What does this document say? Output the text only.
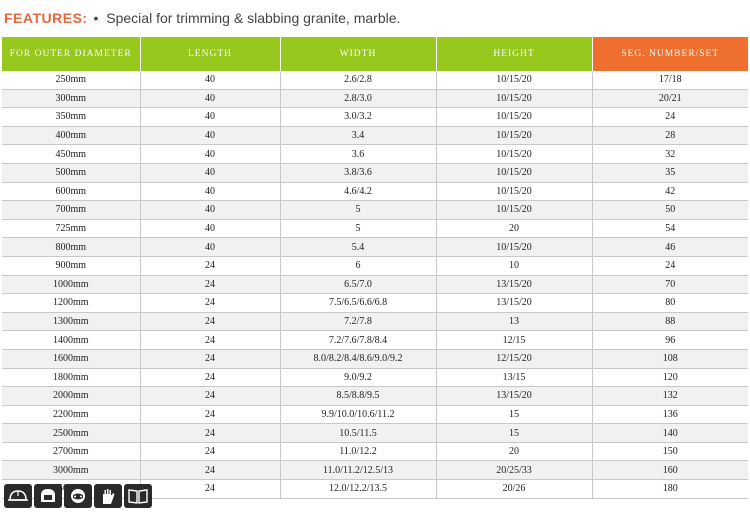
FEATURES: • Special for trimming & slabbing granite, marble.
FOR OUTER DIAMETER	LENGTH	WIDTH	HEIGHT	SEG. NUMBER/SET
250mm	40	2.6/2.8	10/15/20	17/18
300mm	40	2.8/3.0	10/15/20	20/21
350mm	40	3.0/3.2	10/15/20	24
400mm	40	3.4	10/15/20	28
450mm	40	3.6	10/15/20	32
500mm	40	3.8/3.6	10/15/20	35
600mm	40	4.6/4.2	10/15/20	42
700mm	40	5	10/15/20	50
725mm	40	5	20	54
800mm	40	5.4	10/15/20	46
900mm	24	6	10	24
1000mm	24	6.5/7.0	13/15/20	70
1200mm	24	7.5/6.5/6.6/6.8	13/15/20	80
1300mm	24	7.2/7.8	13	88
1400mm	24	7.2/7.6/7.8/8.4	12/15	96
1600mm	24	8.0/8.2/8.4/8.6/9.0/9.2	12/15/20	108
1800mm	24	9.0/9.2	13/15	120
2000mm	24	8.5/8.8/9.5	13/15/20	132
2200mm	24	9.9/10.0/10.6/11.2	15	136
2500mm	24	10.5/11.5	15	140
2700mm	24	11.0/12.2	20	150
3000mm	24	11.0/11.2/12.5/13	20/25/33	160
	24	12.0/12.2/13.5	20/26	180
